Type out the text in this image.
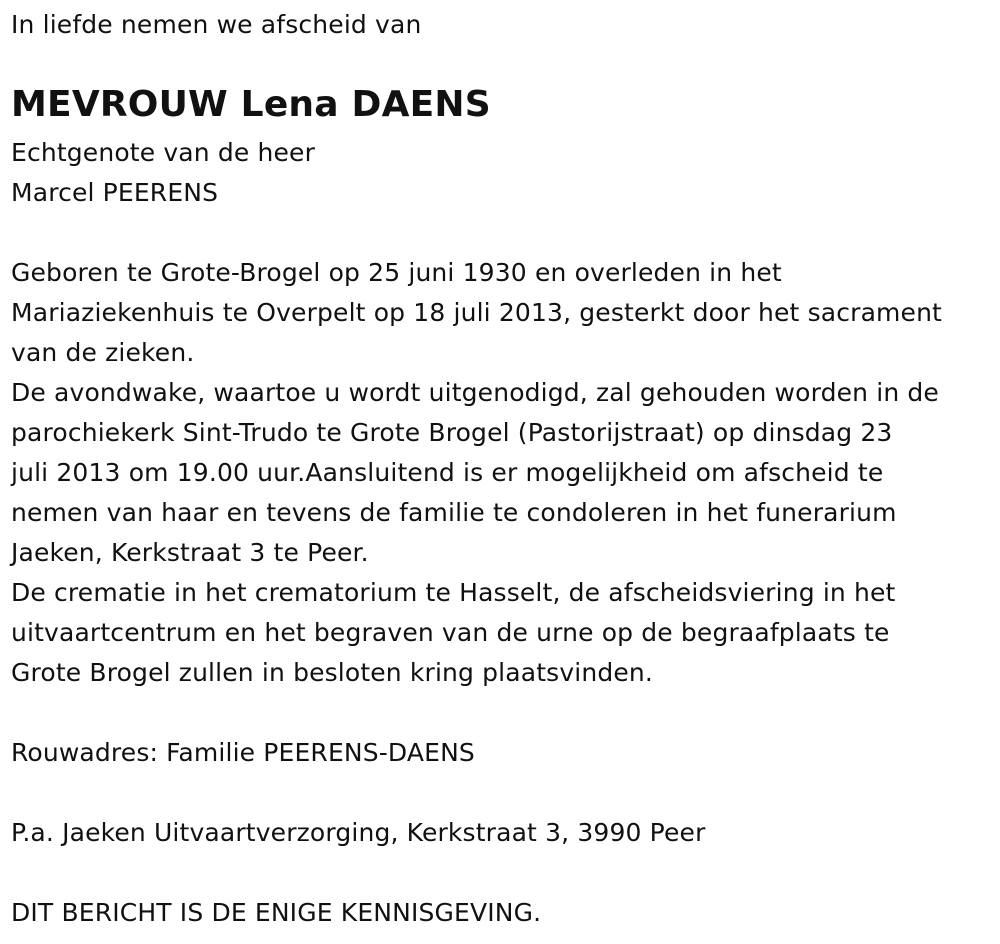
In liefde nemen we afscheid van
MEVROUW Lena DAENS
Echtgenote van de heer
Marcel PEERENS
Geboren te Grote-Brogel op 25 juni 1930 en overleden in het
Mariaziekenhuis te Overpelt op 18 juli 2013, gesterkt door het sacrament
van de zieken.
De avondwake, waartoe u wordt uitgenodigd, zal gehouden worden in de
parochiekerk Sint-Trudo te Grote Brogel (Pastorijstraat) op dinsdag 23
juli 2013 om 19.00 uur.Aansluitend is er mogelijkheid om afscheid te
nemen van haar en tevens de familie te condoleren in het funerarium
Jaeken, Kerkstraat 3 te Peer.
De crematie in het crematorium te Hasselt, de afscheidsviering in het
uitvaartcentrum en het begraven van de urne op de begraafplaats te
Grote Brogel zullen in besloten kring plaatsvinden.
Rouwadres: Familie PEERENS-DAENS
P.a. Jaeken Uitvaartverzorging, Kerkstraat 3, 3990 Peer
DIT BERICHT IS DE ENIGE KENNISGEVING.
